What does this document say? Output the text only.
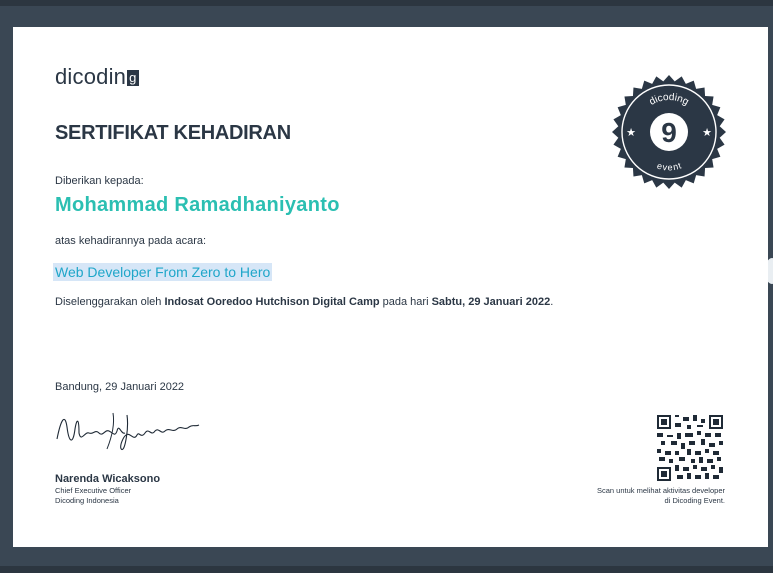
dicodin g
SERTIFIKAT KEHADIRAN
Diberikan kepada:
Mohammad Ramadhaniyanto
atas kehadirannya pada acara:
Web Developer From Zero to Hero
Diselenggarakan oleh Indosat Ooredoo Hutchison Digital Camp pada hari Sabtu, 29 Januari 2022.
Bandung, 29 Januari 2022
Narenda Wicaksono
Chief Executive Officer
Dicoding Indonesia
Scan untuk melihat aktivitas developer
di Dicoding Event.
dicoding
event
9
★	★
